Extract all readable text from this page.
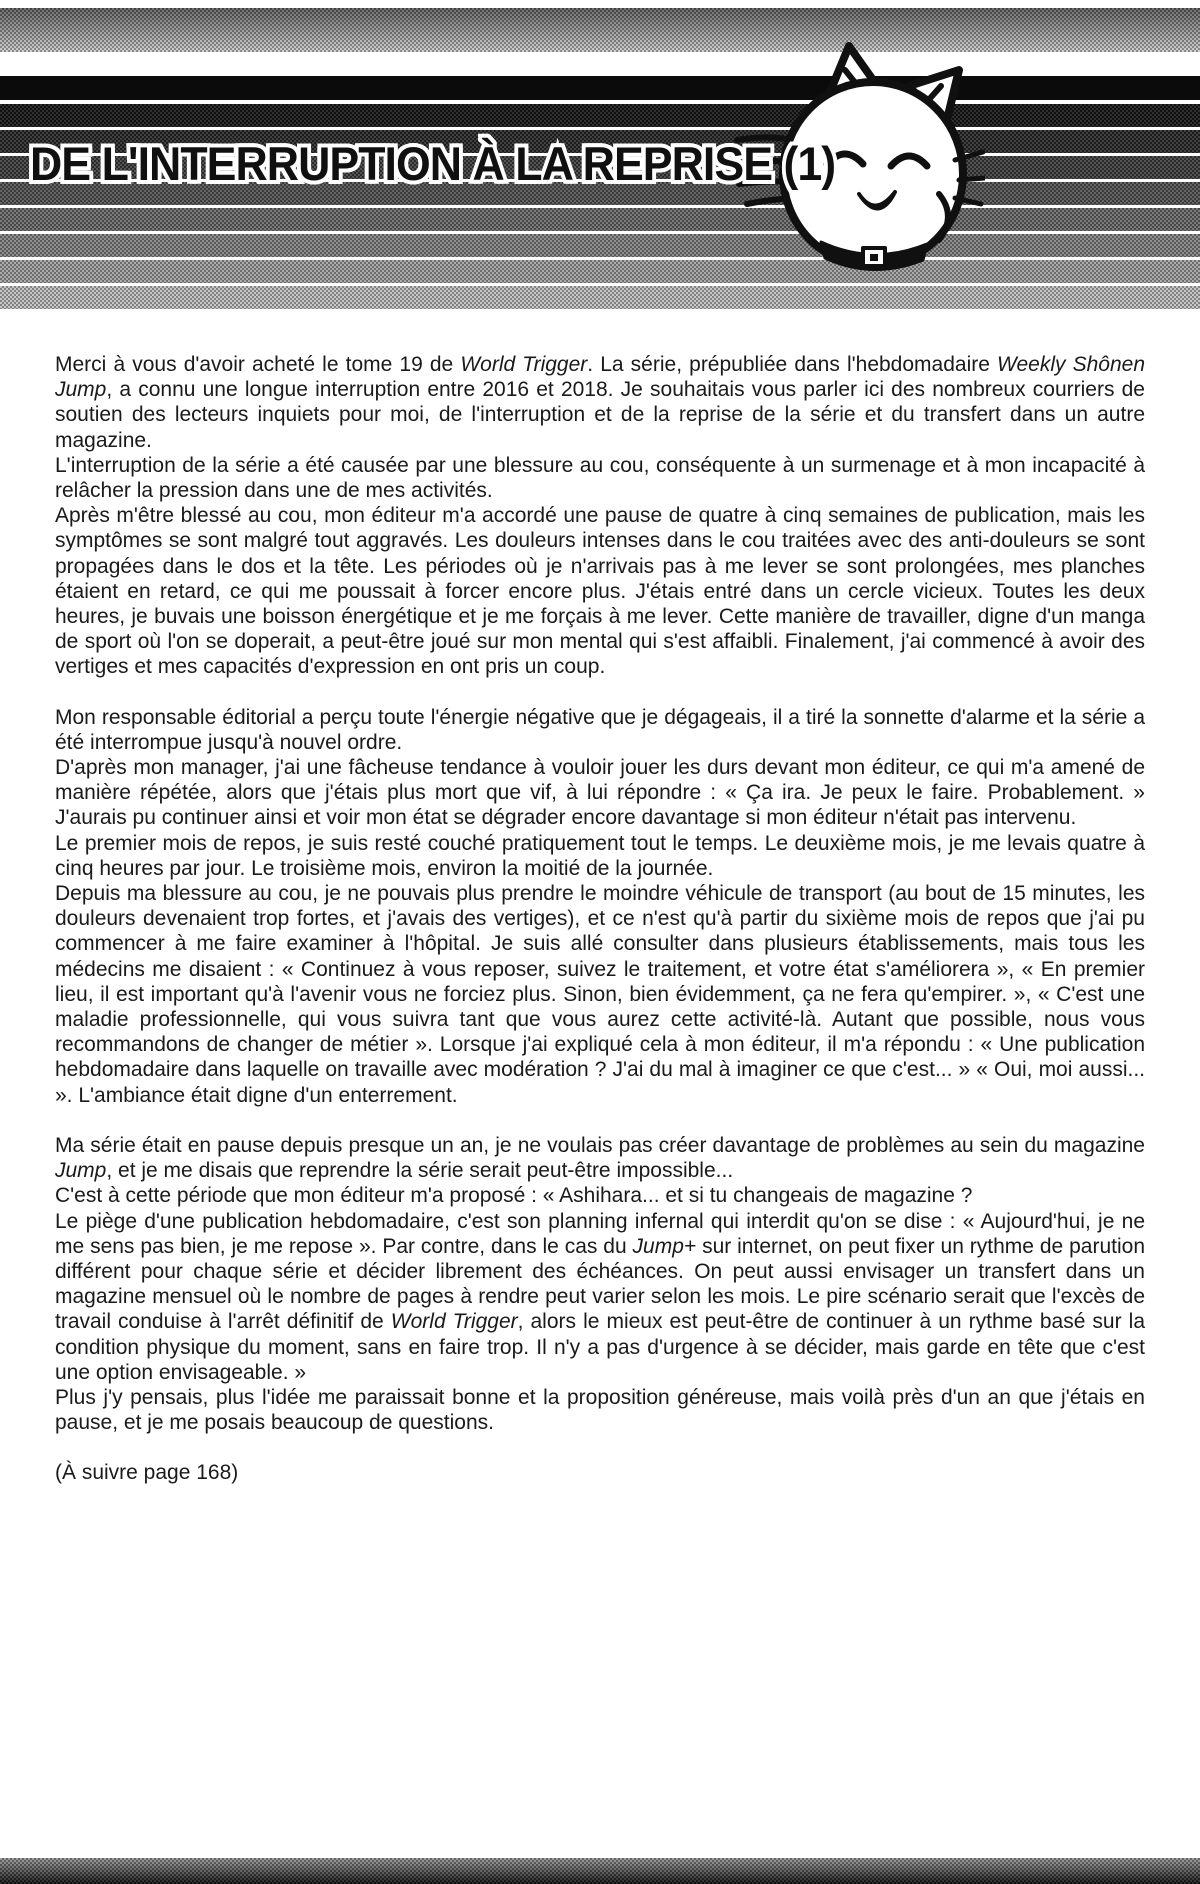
DE L'INTERRUPTION À LA REPRISE (1)

Merci à vous d'avoir acheté le tome 19 de World Trigger. La série, prépubliée dans l'hebdomadaire Weekly Shônen Jump, a connu une longue interruption entre 2016 et 2018. Je souhaitais vous parler ici des nombreux courriers de soutien des lecteurs inquiets pour moi, de l'interruption et de la reprise de la série et du transfert dans un autre magazine.

L'interruption de la série a été causée par une blessure au cou, conséquente à un surmenage et à mon incapacité à relâcher la pression dans une de mes activités.

Après m'être blessé au cou, mon éditeur m'a accordé une pause de quatre à cinq semaines de publication, mais les symptômes se sont malgré tout aggravés. Les douleurs intenses dans le cou traitées avec des anti-douleurs se sont propagées dans le dos et la tête. Les périodes où je n'arrivais pas à me lever se sont prolongées, mes planches étaient en retard, ce qui me poussait à forcer encore plus. J'étais entré dans un cercle vicieux. Toutes les deux heures, je buvais une boisson énergétique et je me forçais à me lever. Cette manière de travailler, digne d'un manga de sport où l'on se doperait, a peut-être joué sur mon mental qui s'est affaibli. Finalement, j'ai commencé à avoir des vertiges et mes capacités d'expression en ont pris un coup.

Mon responsable éditorial a perçu toute l'énergie négative que je dégageais, il a tiré la sonnette d'alarme et la série a été interrompue jusqu'à nouvel ordre.

D'après mon manager, j'ai une fâcheuse tendance à vouloir jouer les durs devant mon éditeur, ce qui m'a amené de manière répétée, alors que j'étais plus mort que vif, à lui répondre : « Ça ira. Je peux le faire. Probablement. » J'aurais pu continuer ainsi et voir mon état se dégrader encore davantage si mon éditeur n'était pas intervenu.

Le premier mois de repos, je suis resté couché pratiquement tout le temps. Le deuxième mois, je me levais quatre à cinq heures par jour. Le troisième mois, environ la moitié de la journée.

Depuis ma blessure au cou, je ne pouvais plus prendre le moindre véhicule de transport (au bout de 15 minutes, les douleurs devenaient trop fortes, et j'avais des vertiges), et ce n'est qu'à partir du sixième mois de repos que j'ai pu commencer à me faire examiner à l'hôpital. Je suis allé consulter dans plusieurs établissements, mais tous les médecins me disaient : « Continuez à vous reposer, suivez le traitement, et votre état s'améliorera », « En premier lieu, il est important qu'à l'avenir vous ne forciez plus. Sinon, bien évidemment, ça ne fera qu'empirer. », « C'est une maladie professionnelle, qui vous suivra tant que vous aurez cette activité-là. Autant que possible, nous vous recommandons de changer de métier ». Lorsque j'ai expliqué cela à mon éditeur, il m'a répondu : « Une publication hebdomadaire dans laquelle on travaille avec modération ? J'ai du mal à imaginer ce que c'est... » « Oui, moi aussi... ». L'ambiance était digne d'un enterrement.

Ma série était en pause depuis presque un an, je ne voulais pas créer davantage de problèmes au sein du magazine Jump, et je me disais que reprendre la série serait peut-être impossible...

C'est à cette période que mon éditeur m'a proposé : « Ashihara... et si tu changeais de magazine ?

Le piège d'une publication hebdomadaire, c'est son planning infernal qui interdit qu'on se dise : « Aujourd'hui, je ne me sens pas bien, je me repose ». Par contre, dans le cas du Jump+ sur internet, on peut fixer un rythme de parution différent pour chaque série et décider librement des échéances. On peut aussi envisager un transfert dans un magazine mensuel où le nombre de pages à rendre peut varier selon les mois. Le pire scénario serait que l'excès de travail conduise à l'arrêt définitif de World Trigger, alors le mieux est peut-être de continuer à un rythme basé sur la condition physique du moment, sans en faire trop. Il n'y a pas d'urgence à se décider, mais garde en tête que c'est une option envisageable. »

Plus j'y pensais, plus l'idée me paraissait bonne et la proposition généreuse, mais voilà près d'un an que j'étais en pause, et je me posais beaucoup de questions.

(À suivre page 168)
